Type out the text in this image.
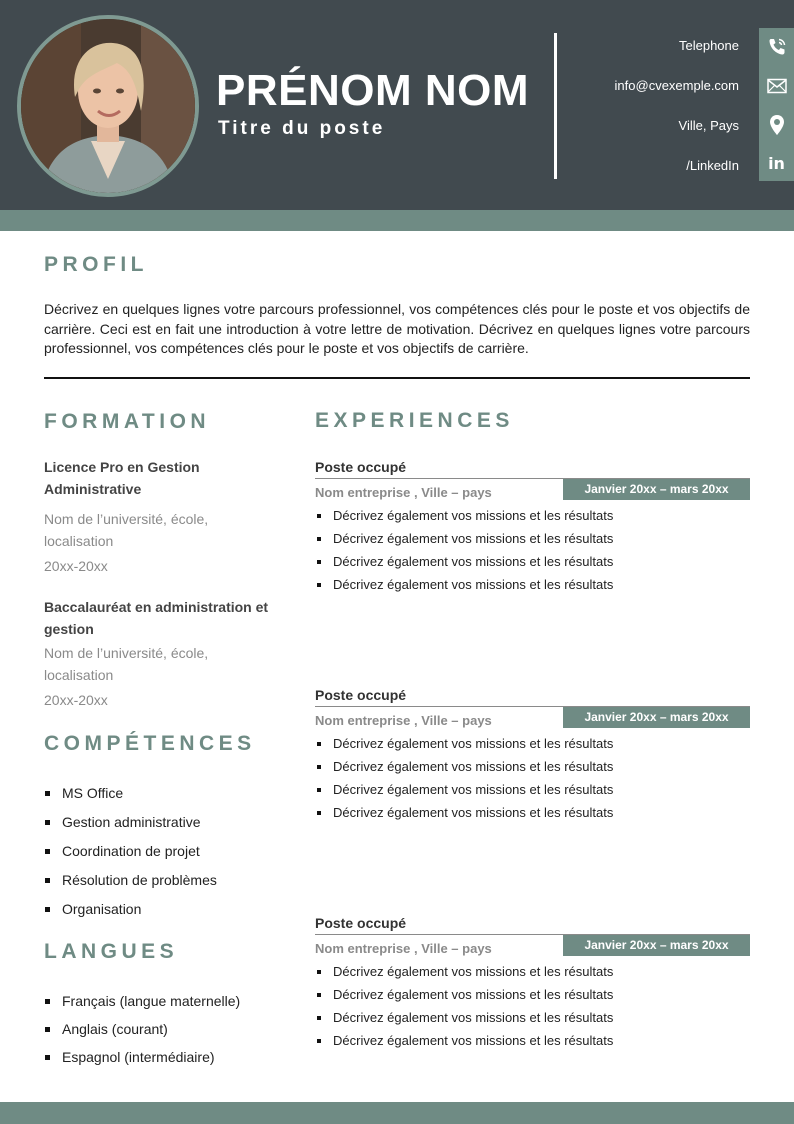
PRÉNOM NOM
Titre du poste
Telephone
info@cvexemple.com
Ville, Pays
/LinkedIn in
PROFIL
Décrivez en quelques lignes votre parcours professionnel, vos compétences clés pour le poste et vos objectifs de carrière. Ceci est en fait une introduction à votre lettre de motivation. Décrivez en quelques lignes votre parcours professionnel, vos compétences clés pour le poste et vos objectifs de carrière.
FORMATION
Licence Pro en Gestion Administrative
Nom de l’université, école, localisation
20xx-20xx
Baccalauréat en administration et gestion
Nom de l’université, école, localisation
20xx-20xx
COMPÉTENCES
MS Office
Gestion administrative
Coordination de projet
Résolution de problèmes
Organisation
LANGUES
Français (langue maternelle)
Anglais (courant)
Espagnol (intermédiaire)
EXPERIENCES
Poste occupé
Nom entreprise , Ville – pays	Janvier 20xx – mars 20xx
Décrivez également vos missions et les résultats
Décrivez également vos missions et les résultats
Décrivez également vos missions et les résultats
Décrivez également vos missions et les résultats
Poste occupé
Nom entreprise , Ville – pays	Janvier 20xx – mars 20xx
Décrivez également vos missions et les résultats
Décrivez également vos missions et les résultats
Décrivez également vos missions et les résultats
Décrivez également vos missions et les résultats
Poste occupé
Nom entreprise , Ville – pays	Janvier 20xx – mars 20xx
Décrivez également vos missions et les résultats
Décrivez également vos missions et les résultats
Décrivez également vos missions et les résultats
Décrivez également vos missions et les résultats
